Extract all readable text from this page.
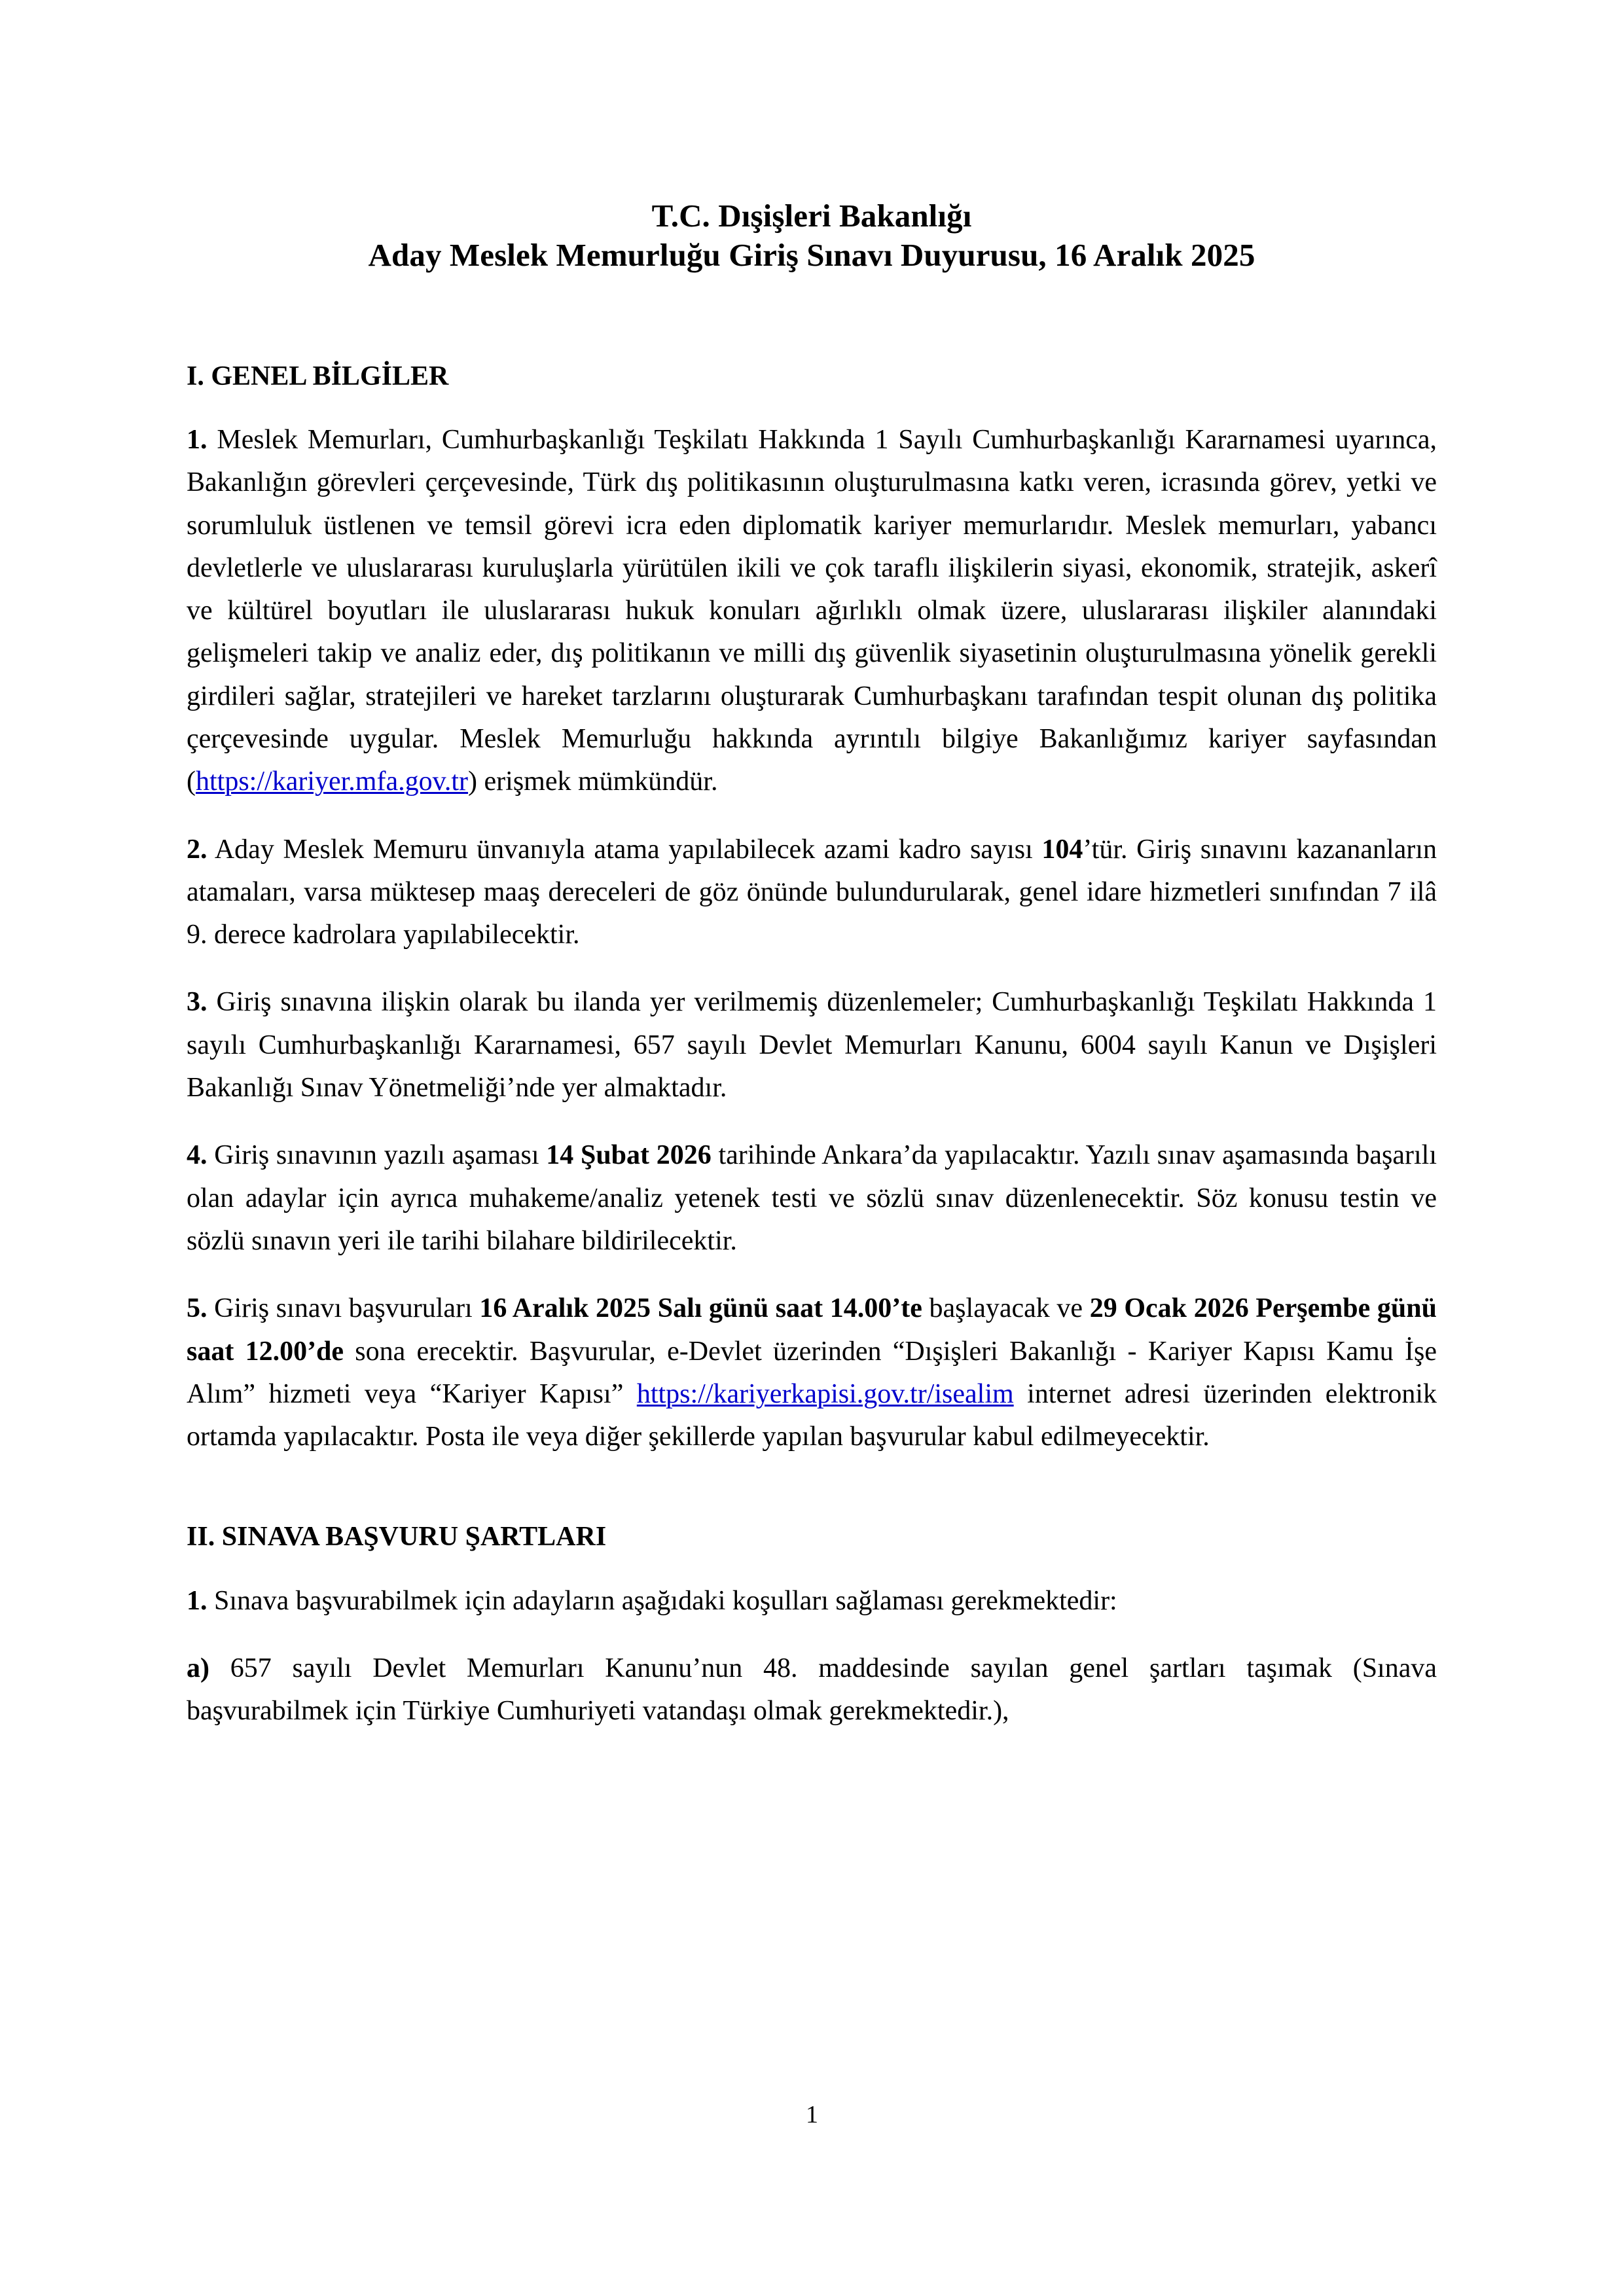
T.C. Dışişleri Bakanlığı
Aday Meslek Memurluğu Giriş Sınavı Duyurusu, 16 Aralık 2025
I. GENEL BİLGİLER

1. Meslek Memurları, Cumhurbaşkanlığı Teşkilatı Hakkında 1 Sayılı Cumhurbaşkanlığı Kararnamesi uyarınca, Bakanlığın görevleri çerçevesinde, Türk dış politikasının oluşturulmasına katkı veren, icrasında görev, yetki ve sorumluluk üstlenen ve temsil görevi icra eden diplomatik kariyer memurlarıdır. Meslek memurları, yabancı devletlerle ve uluslararası kuruluşlarla yürütülen ikili ve çok taraflı ilişkilerin siyasi, ekonomik, stratejik, askerî ve kültürel boyutları ile uluslararası hukuk konuları ağırlıklı olmak üzere, uluslararası ilişkiler alanındaki gelişmeleri takip ve analiz eder, dış politikanın ve milli dış güvenlik siyasetinin oluşturulmasına yönelik gerekli girdileri sağlar, stratejileri ve hareket tarzlarını oluşturarak Cumhurbaşkanı tarafından tespit olunan dış politika çerçevesinde uygular. Meslek Memurluğu hakkında ayrıntılı bilgiye Bakanlığımız kariyer sayfasından (https://kariyer.mfa.gov.tr) erişmek mümkündür.

2. Aday Meslek Memuru ünvanıyla atama yapılabilecek azami kadro sayısı 104’tür. Giriş sınavını kazananların atamaları, varsa müktesep maaş dereceleri de göz önünde bulundurularak, genel idare hizmetleri sınıfından 7 ilâ 9. derece kadrolara yapılabilecektir.

3. Giriş sınavına ilişkin olarak bu ilanda yer verilmemiş düzenlemeler; Cumhurbaşkanlığı Teşkilatı Hakkında 1 sayılı Cumhurbaşkanlığı Kararnamesi, 657 sayılı Devlet Memurları Kanunu, 6004 sayılı Kanun ve Dışişleri Bakanlığı Sınav Yönetmeliği’nde yer almaktadır.

4. Giriş sınavının yazılı aşaması 14 Şubat 2026 tarihinde Ankara’da yapılacaktır. Yazılı sınav aşamasında başarılı olan adaylar için ayrıca muhakeme/analiz yetenek testi ve sözlü sınav düzenlenecektir. Söz konusu testin ve sözlü sınavın yeri ile tarihi bilahare bildirilecektir.

5. Giriş sınavı başvuruları 16 Aralık 2025 Salı günü saat 14.00’te başlayacak ve 29 Ocak 2026 Perşembe günü saat 12.00’de sona erecektir. Başvurular, e-Devlet üzerinden “Dışişleri Bakanlığı - Kariyer Kapısı Kamu İşe Alım” hizmeti veya “Kariyer Kapısı” https://kariyerkapisi.gov.tr/isealim internet adresi üzerinden elektronik ortamda yapılacaktır. Posta ile veya diğer şekillerde yapılan başvurular kabul edilmeyecektir.

II. SINAVA BAŞVURU ŞARTLARI

1. Sınava başvurabilmek için adayların aşağıdaki koşulları sağlaması gerekmektedir:

a) 657 sayılı Devlet Memurları Kanunu’nun 48. maddesinde sayılan genel şartları taşımak (Sınava başvurabilmek için Türkiye Cumhuriyeti vatandaşı olmak gerekmektedir.),

1
